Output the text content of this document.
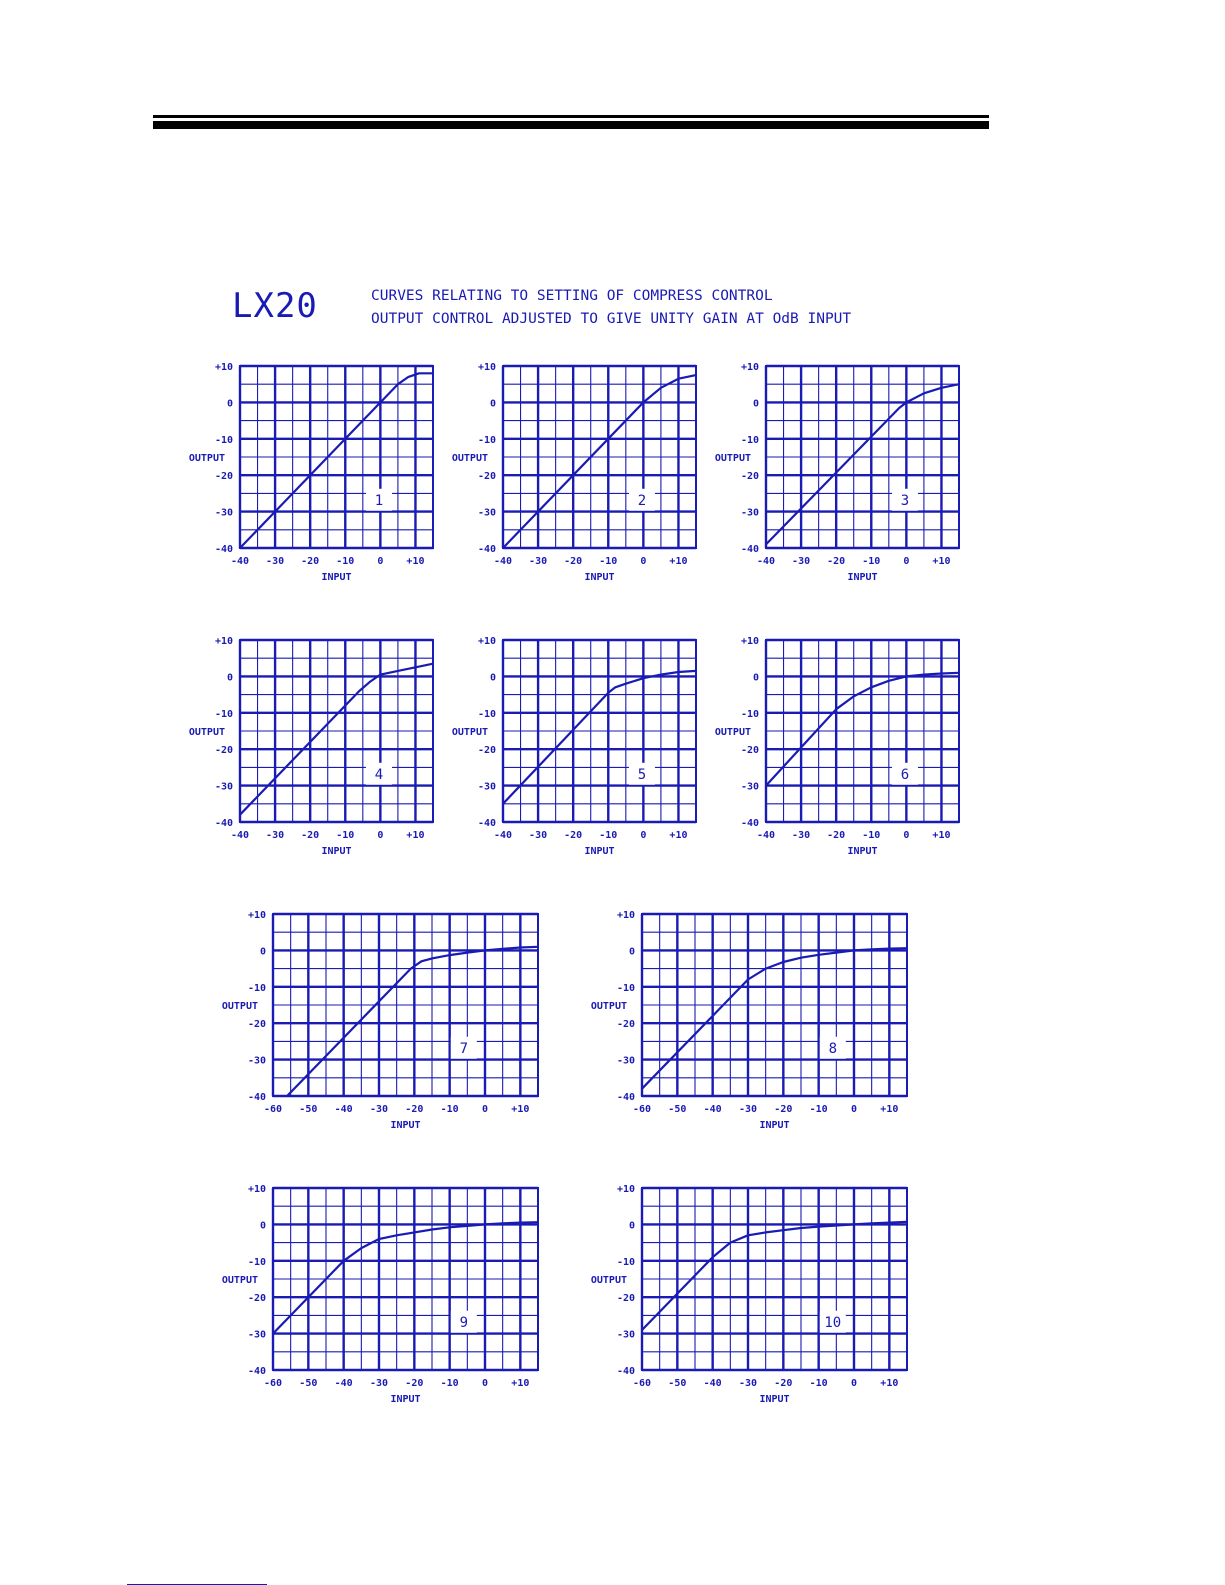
LX20	CURVES RELATING TO SETTING OF COMPRESS CONTROL
OUTPUT CONTROL ADJUSTED TO GIVE UNITY GAIN AT OdB INPUT
-40 -30 -20 -10 0 +10
+10
0
-10
-20
-30
-40
INPUT
OUTPUT
1
-40 -30 -20 -10 0 +10
+10
0
-10
-20
-30
-40
INPUT
OUTPUT
2
-40 -30 -20 -10 0 +10
+10
0
-10
-20
-30
-40
INPUT
OUTPUT
3
-40 -30 -20 -10 0 +10
+10
0
-10
-20
-30
-40
INPUT
OUTPUT
4
-40 -30 -20 -10 0 +10
+10
0
-10
-20
-30
-40
INPUT
OUTPUT
5
-40 -30 -20 -10 0 +10
+10
0
-10
-20
-30
-40
INPUT
OUTPUT
6
-60 -50 -40 -30 -20 -10 0 +10
+10
0
-10
-20
-30
-40
INPUT
OUTPUT
7
-60 -50 -40 -30 -20 -10 0 +10
+10
0
-10
-20
-30
-40
INPUT
OUTPUT
8
-60 -50 -40 -30 -20 -10 0 +10
+10
0
-10
-20
-30
-40
INPUT
OUTPUT
9
-60 -50 -40 -30 -20 -10 0 +10
+10
0
-10
-20
-30
-40
INPUT
OUTPUT
10
